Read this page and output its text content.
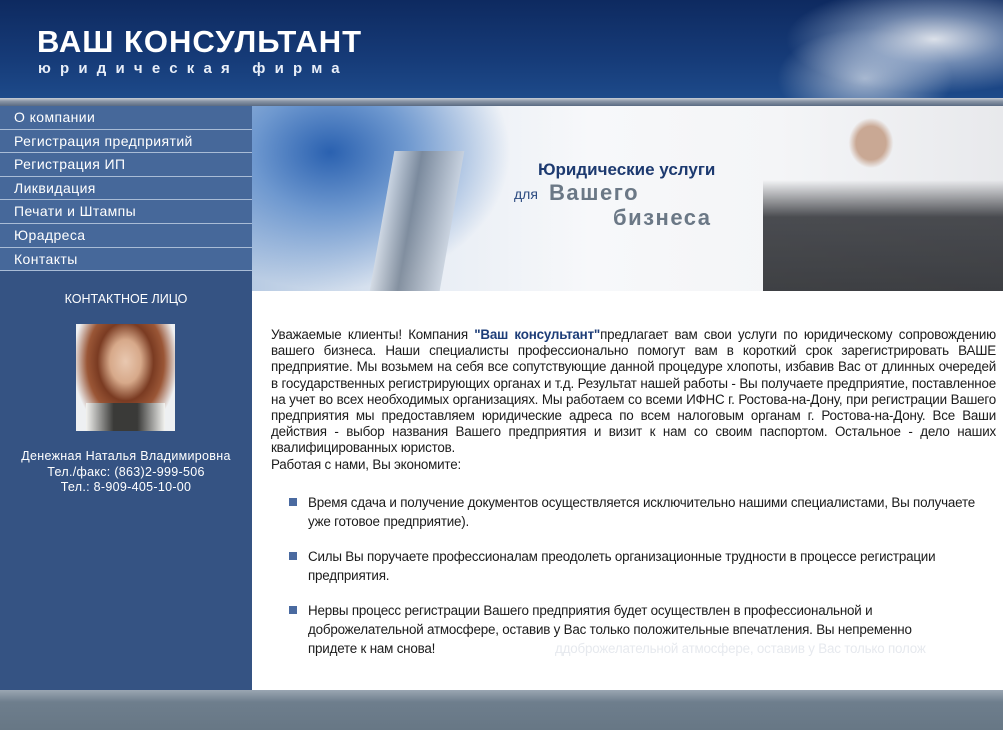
ВАШ КОНСУЛЬТАНТ
юридическая фирма
О компании
Регистрация предприятий
Регистрация ИП
Ликвидация
Печати и Штампы
Юрадреса
Контакты
КОНТАКТНОЕ ЛИЦО
Денежная Наталья Владимировна
Тел./факс: (863)2-999-506
Тел.: 8-909-405-10-00
Юридические услуги
для Вашего
бизнеса

Уважаемые клиенты! Компания "Ваш консультант"предлагает вам свои услуги по юридическому сопровождению вашего бизнеса. Наши специалисты профессионально помогут вам в короткий срок зарегистрировать ВАШЕ предприятие. Мы возьмем на себя все сопутствующие данной процедуре хлопоты, избавив Вас от длинных очередей в государственных регистрирующих органах и т.д. Результат нашей работы - Вы получаете предприятие, поставленное на учет во всех необходимых организациях. Мы работаем со всеми ИФНС г. Ростова-на-Дону, при регистрации Вашего предприятия мы предоставляем юридические адреса по всем налоговым органам г. Ростова-на-Дону. Все Ваши действия - выбор названия Вашего предприятия и визит к нам со своим паспортом. Остальное - дело наших квалифицированных юристов.

Работая с нами, Вы экономите:

Время сдача и получение документов осуществляется исключительно нашими специалистами, Вы получаете уже готовое предприятие).
Силы Вы поручаете профессионалам преодолеть организационные трудности в процессе регистрации предприятия.
Нервы процесс регистрации Вашего предприятия будет осуществлен в профессиональной и доброжелательной атмосфере, оставив у Вас только положительные впечатления. Вы непременно придете к нам снова!	ддоброжелательной атмосфере, оставив у Вас только полож
